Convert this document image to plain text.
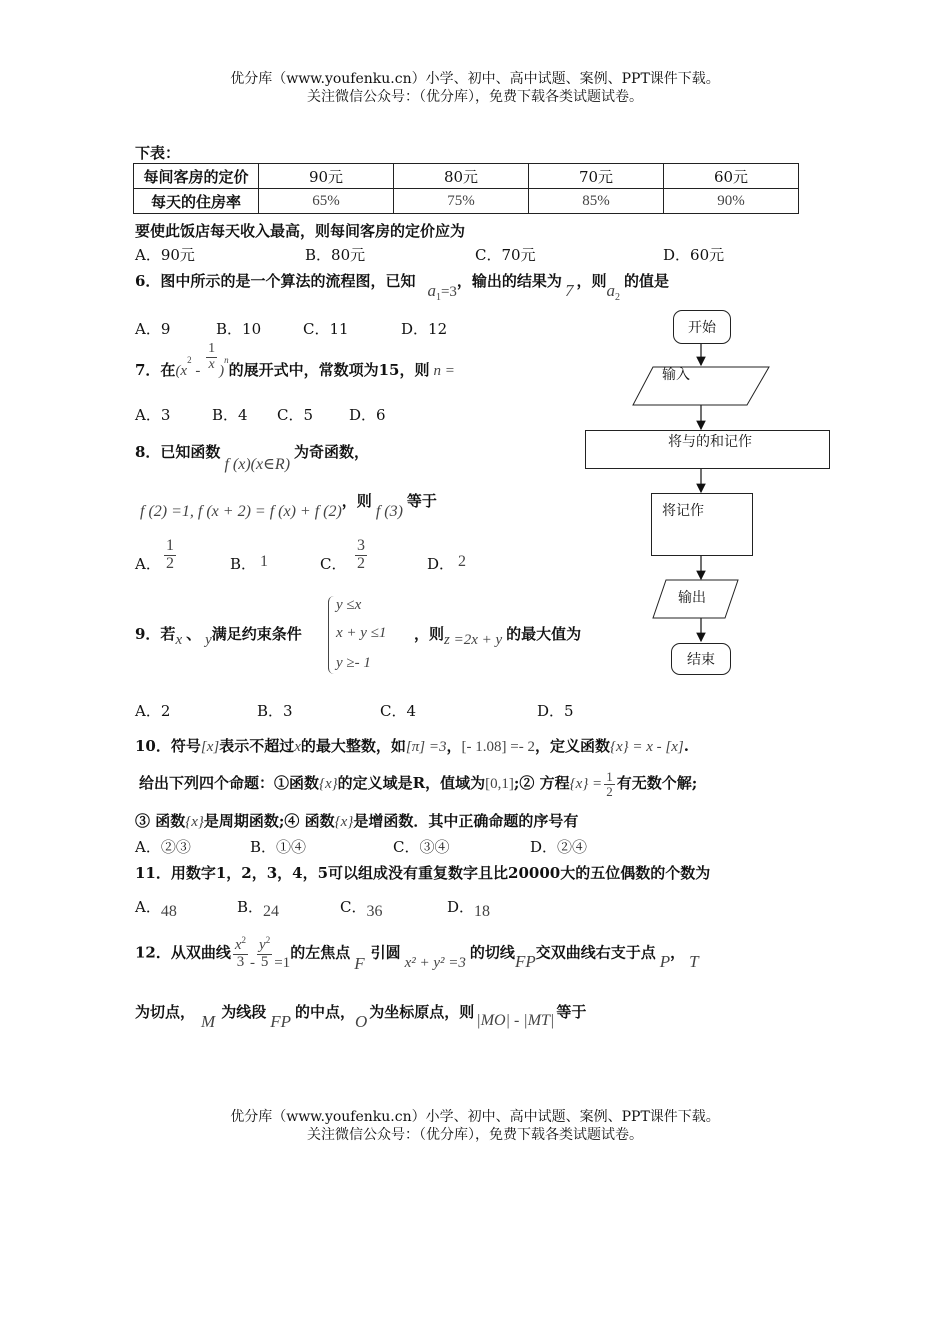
优分库（www.youfenku.cn）小学、初中、高中试题、案例、PPT课件下载。
关注微信公众号：（优分库），免费下载各类试题试卷。
下表：
每间客房的定价	90元	80元	70元	60元
每天的住房率	65%	75%	85%	90%
要使此饭店每天收入最高，则每间客房的定价应为
A．90元	B．80元	C．70元	D．60元
6．图中所示的是一个算法的流程图，已知 $a_1=3$，输出的结果为 7 ，则$a_2$的值是
A．9	B．10	C．11	D．12	开始
输入
将与的和记作
将记作
输出
结束
7．在$(x^2 - \frac{1}{x} )^n$的展开式中，常数项为15，则 n =
A．3	B．4 C．5 D．6
8．已知函数f (x)(x∈R)为奇函数，
f (2) =1, f (x + 2) = f (x) + f (2)，则f (3)等于
A． $\frac{1}{2}$	B． 1	C． $\frac{3}{2}$	D． 2
9．若x 、 y满足约束条件
y ≤x
x + y ≤1
y ≥- 1
，则z =2x + y 的最大值为
A．2	B．3	C．4	D．5
10．符号[x]表示不超过x的最大整数，如[π] =3，[- 1.08] =- 2，定义函数{x} = x - [x].
给出下列四个命题：①函数{x}的定义域是R，值域为[0,1];② 方程$\{x\} = \frac{1}{2}$ 有无数个解;
③ 函数{x}是周期函数;④ 函数{x}是增函数．其中正确命题的序号有
A．②③	B．①④	C．③④	D．②④
11．用数字1，2，3，4，5可以组成没有重复数字且比20000大的五位偶数的个数为
A．48	B．24	C．36	D．18
12．从双曲线 $\frac{x^2}{3} - \frac{y^2}{5} =1$的左焦点F引圆x² + y² =3的切线FP交双曲线右支于点 P， T
为切点， M 为线段 FP 的中点，O 为坐标原点，则 |MO| - |MT| 等于
优分库（www.youfenku.cn）小学、初中、高中试题、案例、PPT课件下载。
关注微信公众号：（优分库），免费下载各类试题试卷。
